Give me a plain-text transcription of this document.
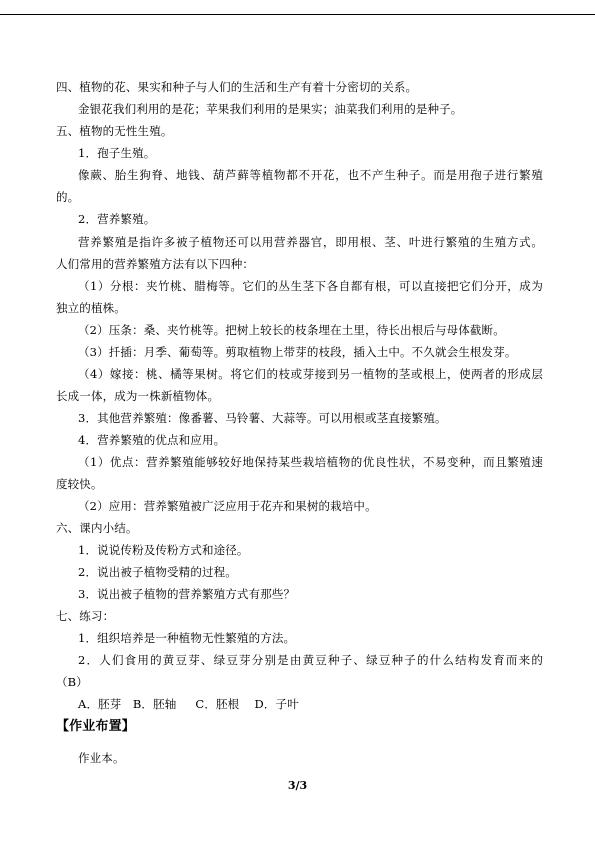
四、植物的花、果实和种子与人们的生活和生产有着十分密切的关系。
金银花我们利用的是花；苹果我们利用的是果实；油菜我们利用的是种子。
五、植物的无性生殖。
1．孢子生殖。
像蕨、胎生狗脊、地钱、葫芦藓等植物都不开花，也不产生种子。而是用孢子进行繁殖
的。
2．营养繁殖。
营养繁殖是指许多被子植物还可以用营养器官，即用根、茎、叶进行繁殖的生殖方式。
人们常用的营养繁殖方法有以下四种：
（1）分根：夹竹桃、腊梅等。它们的丛生茎下各自都有根，可以直接把它们分开，成为
独立的植株。
（2）压条：桑、夹竹桃等。把树上较长的枝条埋在土里，待长出根后与母体截断。
（3）扦插：月季、葡萄等。剪取植物上带芽的枝段，插入土中。不久就会生根发芽。
（4）嫁接：桃、橘等果树。将它们的枝或芽接到另一植物的茎或根上，使两者的形成层
长成一体，成为一株新植物体。
3．其他营养繁殖：像番薯、马铃薯、大蒜等。可以用根或茎直接繁殖。
4．营养繁殖的优点和应用。
（1）优点：营养繁殖能够较好地保持某些栽培植物的优良性状，不易变种，而且繁殖速
度较快。
（2）应用：营养繁殖被广泛应用于花卉和果树的栽培中。
六、课内小结。
1．说说传粉及传粉方式和途径。
2．说出被子植物受精的过程。
3．说出被子植物的营养繁殖方式有那些？
七、练习：
1．组织培养是一种植物无性繁殖的方法。
2．人们食用的黄豆芽、绿豆芽分别是由黄豆种子、绿豆种子的什么结构发育而来的
（B）
A．胚芽   B．胚轴     C．胚根    D．子叶
【作业布置】
作业本。
3/3
